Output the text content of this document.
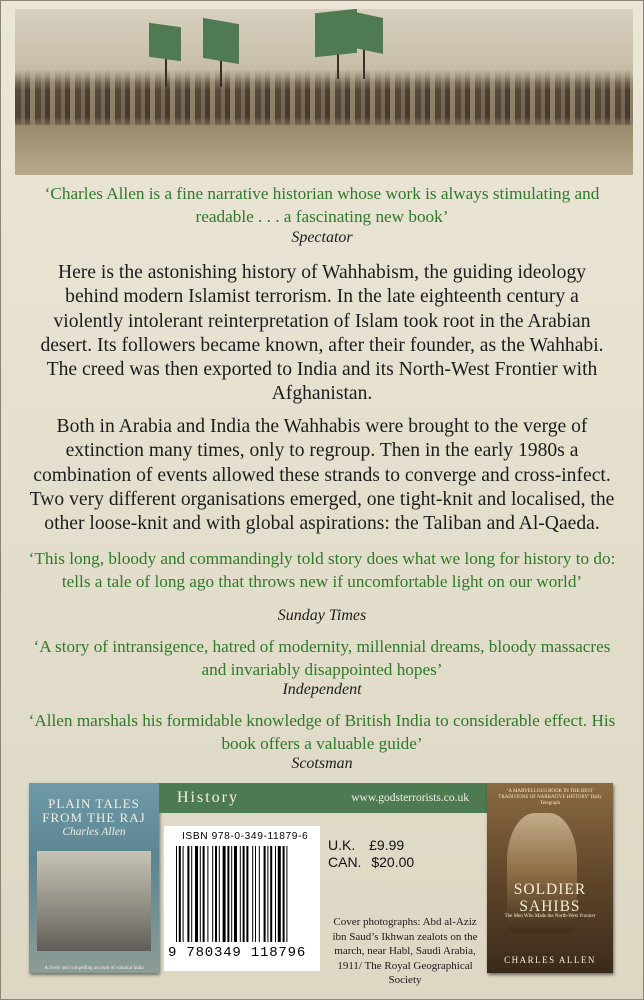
‘Charles Allen is a fine narrative historian whose work is always stimulating and readable . . . a fascinating new book’
Spectator
Here is the astonishing history of Wahhabism, the guiding ideology behind modern Islamist terrorism. In the late eighteenth century a violently intolerant reinterpretation of Islam took root in the Arabian desert. Its followers became known, after their founder, as the Wahhabi. The creed was then exported to India and its North-West Frontier with Afghanistan.
Both in Arabia and India the Wahhabis were brought to the verge of extinction many times, only to regroup. Then in the early 1980s a combination of events allowed these strands to converge and cross-infect. Two very different organisations emerged, one tight-knit and localised, the other loose-knit and with global aspirations: the Taliban and Al-Qaeda.
‘This long, bloody and commandingly told story does what we long for history to do: tells a tale of long ago that throws new if uncomfortable light on our world’
Sunday Times
‘A story of intransigence, hatred of modernity, millennial dreams, bloody massacres and invariably disappointed hopes’
Independent
‘Allen marshals his formidable knowledge of British India to considerable effect. His book offers a valuable guide’
Scotsman
PLAIN TALES FROM THE RAJ
Charles Allen
A lively and compelling account of colonial India
History	www.godsterrorists.co.uk
ISBN 978-0-349-11879-6
9 780349 118796
U.K. £9.99
CAN. $20.00
Cover photographs: Abd al-Aziz ibn Saud’s Ikhwan zealots on the march, near Habl, Saudi Arabia, 1911/ The Royal Geographical Society
‘A MARVELLOUS BOOK IN THE BEST TRADITIONS OF NARRATIVE HISTORY’ Daily Telegraph
SOLDIER SAHIBS
The Men Who Made the North-West Frontier
CHARLES ALLEN
